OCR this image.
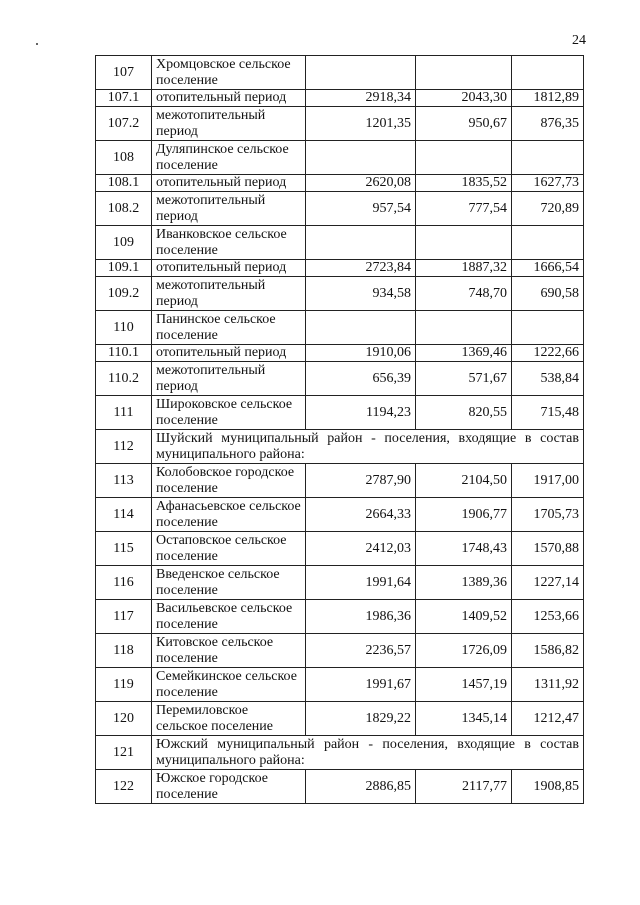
24
107	Хромцовское сельское поселение			
107.1	отопительный период	2918,34	2043,30	1812,89
107.2	межотопительный период	1201,35	950,67	876,35
108	Дуляпинское сельское поселение			
108.1	отопительный период	2620,08	1835,52	1627,73
108.2	межотопительный период	957,54	777,54	720,89
109	Иванковское сельское поселение			
109.1	отопительный период	2723,84	1887,32	1666,54
109.2	межотопительный период	934,58	748,70	690,58
110	Панинское сельское поселение			
110.1	отопительный период	1910,06	1369,46	1222,66
110.2	межотопительный период	656,39	571,67	538,84
111	Широковское сельское поселение	1194,23	820,55	715,48
112	Шуйский муниципальный район - поселения, входящие в состав муниципального района:			
113	Колобовское городское поселение	2787,90	2104,50	1917,00
114	Афанасьевское сельское поселение	2664,33	1906,77	1705,73
115	Остаповское сельское поселение	2412,03	1748,43	1570,88
116	Введенское сельское поселение	1991,64	1389,36	1227,14
117	Васильевское сельское поселение	1986,36	1409,52	1253,66
118	Китовское сельское поселение	2236,57	1726,09	1586,82
119	Семейкинское сельское поселение	1991,67	1457,19	1311,92
120	Перемиловское сельское поселение	1829,22	1345,14	1212,47
121	Южский муниципальный район - поселения, входящие в состав муниципального района:			
122	Южское городское поселение	2886,85	2117,77	1908,85
